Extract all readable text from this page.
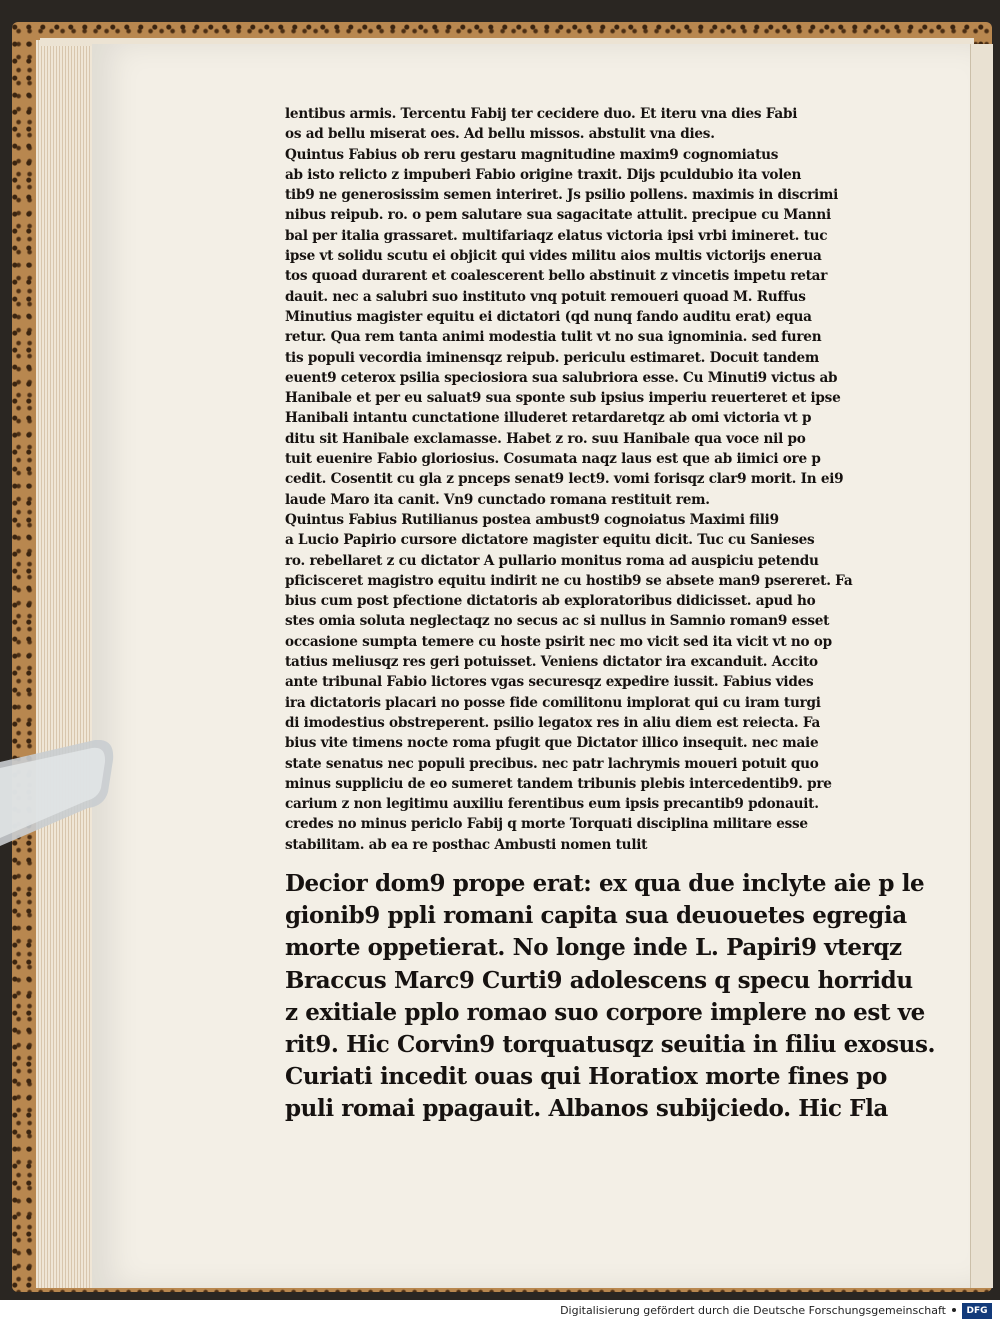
lentibus armis. Tercentu Fabij ter cecidere duo. Et iteru vna dies Fabi
os ad bellu miserat oes. Ad bellu missos. abstulit vna dies.
Quintus Fabius ob reru gestaru magnitudine maxim9 cognomiatus
ab isto relicto z impuberi Fabio origine traxit. Dijs pculdubio ita volen
tib9 ne generosissim semen interiret. Js psilio pollens. maximis in discrimi
nibus reipub. ro. o pem salutare sua sagacitate attulit. precipue cu Manni
bal per italia grassaret. multifariaqz elatus victoria ipsi vrbi imineret. tuc
ipse vt solidu scutu ei objicit qui vides militu aios multis victorijs enerua
tos quoad durarent et coalescerent bello abstinuit z vincetis impetu retar
dauit. nec a salubri suo instituto vnq potuit remoueri quoad M. Ruffus
Minutius magister equitu ei dictatori (qd nunq fando auditu erat) equa
retur. Qua rem tanta animi modestia tulit vt no sua ignominia. sed furen
tis populi vecordia iminensqz reipub. periculu estimaret. Docuit tandem
euent9 ceterox psilia speciosiora sua salubriora esse. Cu Minuti9 victus ab
Hanibale et per eu saluat9 sua sponte sub ipsius imperiu reuerteret et ipse
Hanibali intantu cunctatione illuderet retardaretqz ab omi victoria vt p
ditu sit Hanibale exclamasse. Habet z ro. suu Hanibale qua voce nil po
tuit euenire Fabio gloriosius. Cosumata naqz laus est que ab iimici ore p
cedit. Cosentit cu gla z pnceps senat9 lect9. vomi forisqz clar9 morit. In ei9
laude Maro ita canit. Vn9 cunctado romana restituit rem.
Quintus Fabius Rutilianus postea ambust9 cognoiatus Maximi fili9
a Lucio Papirio cursore dictatore magister equitu dicit. Tuc cu Sanieses
ro. rebellaret z cu dictator A pullario monitus roma ad auspiciu petendu
pficisceret magistro equitu indirit ne cu hostib9 se absete man9 psereret. Fa
bius cum post pfectione dictatoris ab exploratoribus didicisset. apud ho
stes omia soluta neglectaqz no secus ac si nullus in Samnio roman9 esset
occasione sumpta temere cu hoste psirit nec mo vicit sed ita vicit vt no op
tatius meliusqz res geri potuisset. Veniens dictator ira excanduit. Accito
ante tribunal Fabio lictores vgas securesqz expedire iussit. Fabius vides
ira dictatoris placari no posse fide comilitonu implorat qui cu iram turgi
di imodestius obstreperent. psilio legatox res in aliu diem est reiecta. Fa
bius vite timens nocte roma pfugit que Dictator illico insequit. nec maie
state senatus nec populi precibus. nec patr lachrymis moueri potuit quo
minus suppliciu de eo sumeret tandem tribunis plebis intercedentib9. pre
carium z non legitimu auxiliu ferentibus eum ipsis precantib9 pdonauit.
credes no minus periclo Fabij q morte Torquati disciplina militare esse
stabilitam. ab ea re posthac Ambusti nomen tulit
Decior dom9 prope erat: ex qua due inclyte aie p le
gionib9 ppli romani capita sua deuouetes egregia
morte oppetierat. No longe inde L. Papiri9 vterqz
Braccus Marc9 Curti9 adolescens q specu horridu
z exitiale pplo romao suo corpore implere no est ve
rit9. Hic Corvin9 torquatusqz seuitia in filiu exosus.
Curiati incedit ouas qui Horatiox morte fines po
puli romai ppagauit. Albanos subijciedo. Hic Fla
Digitalisierung gefördert durch die Deutsche Forschungsgemeinschaft	DFG
